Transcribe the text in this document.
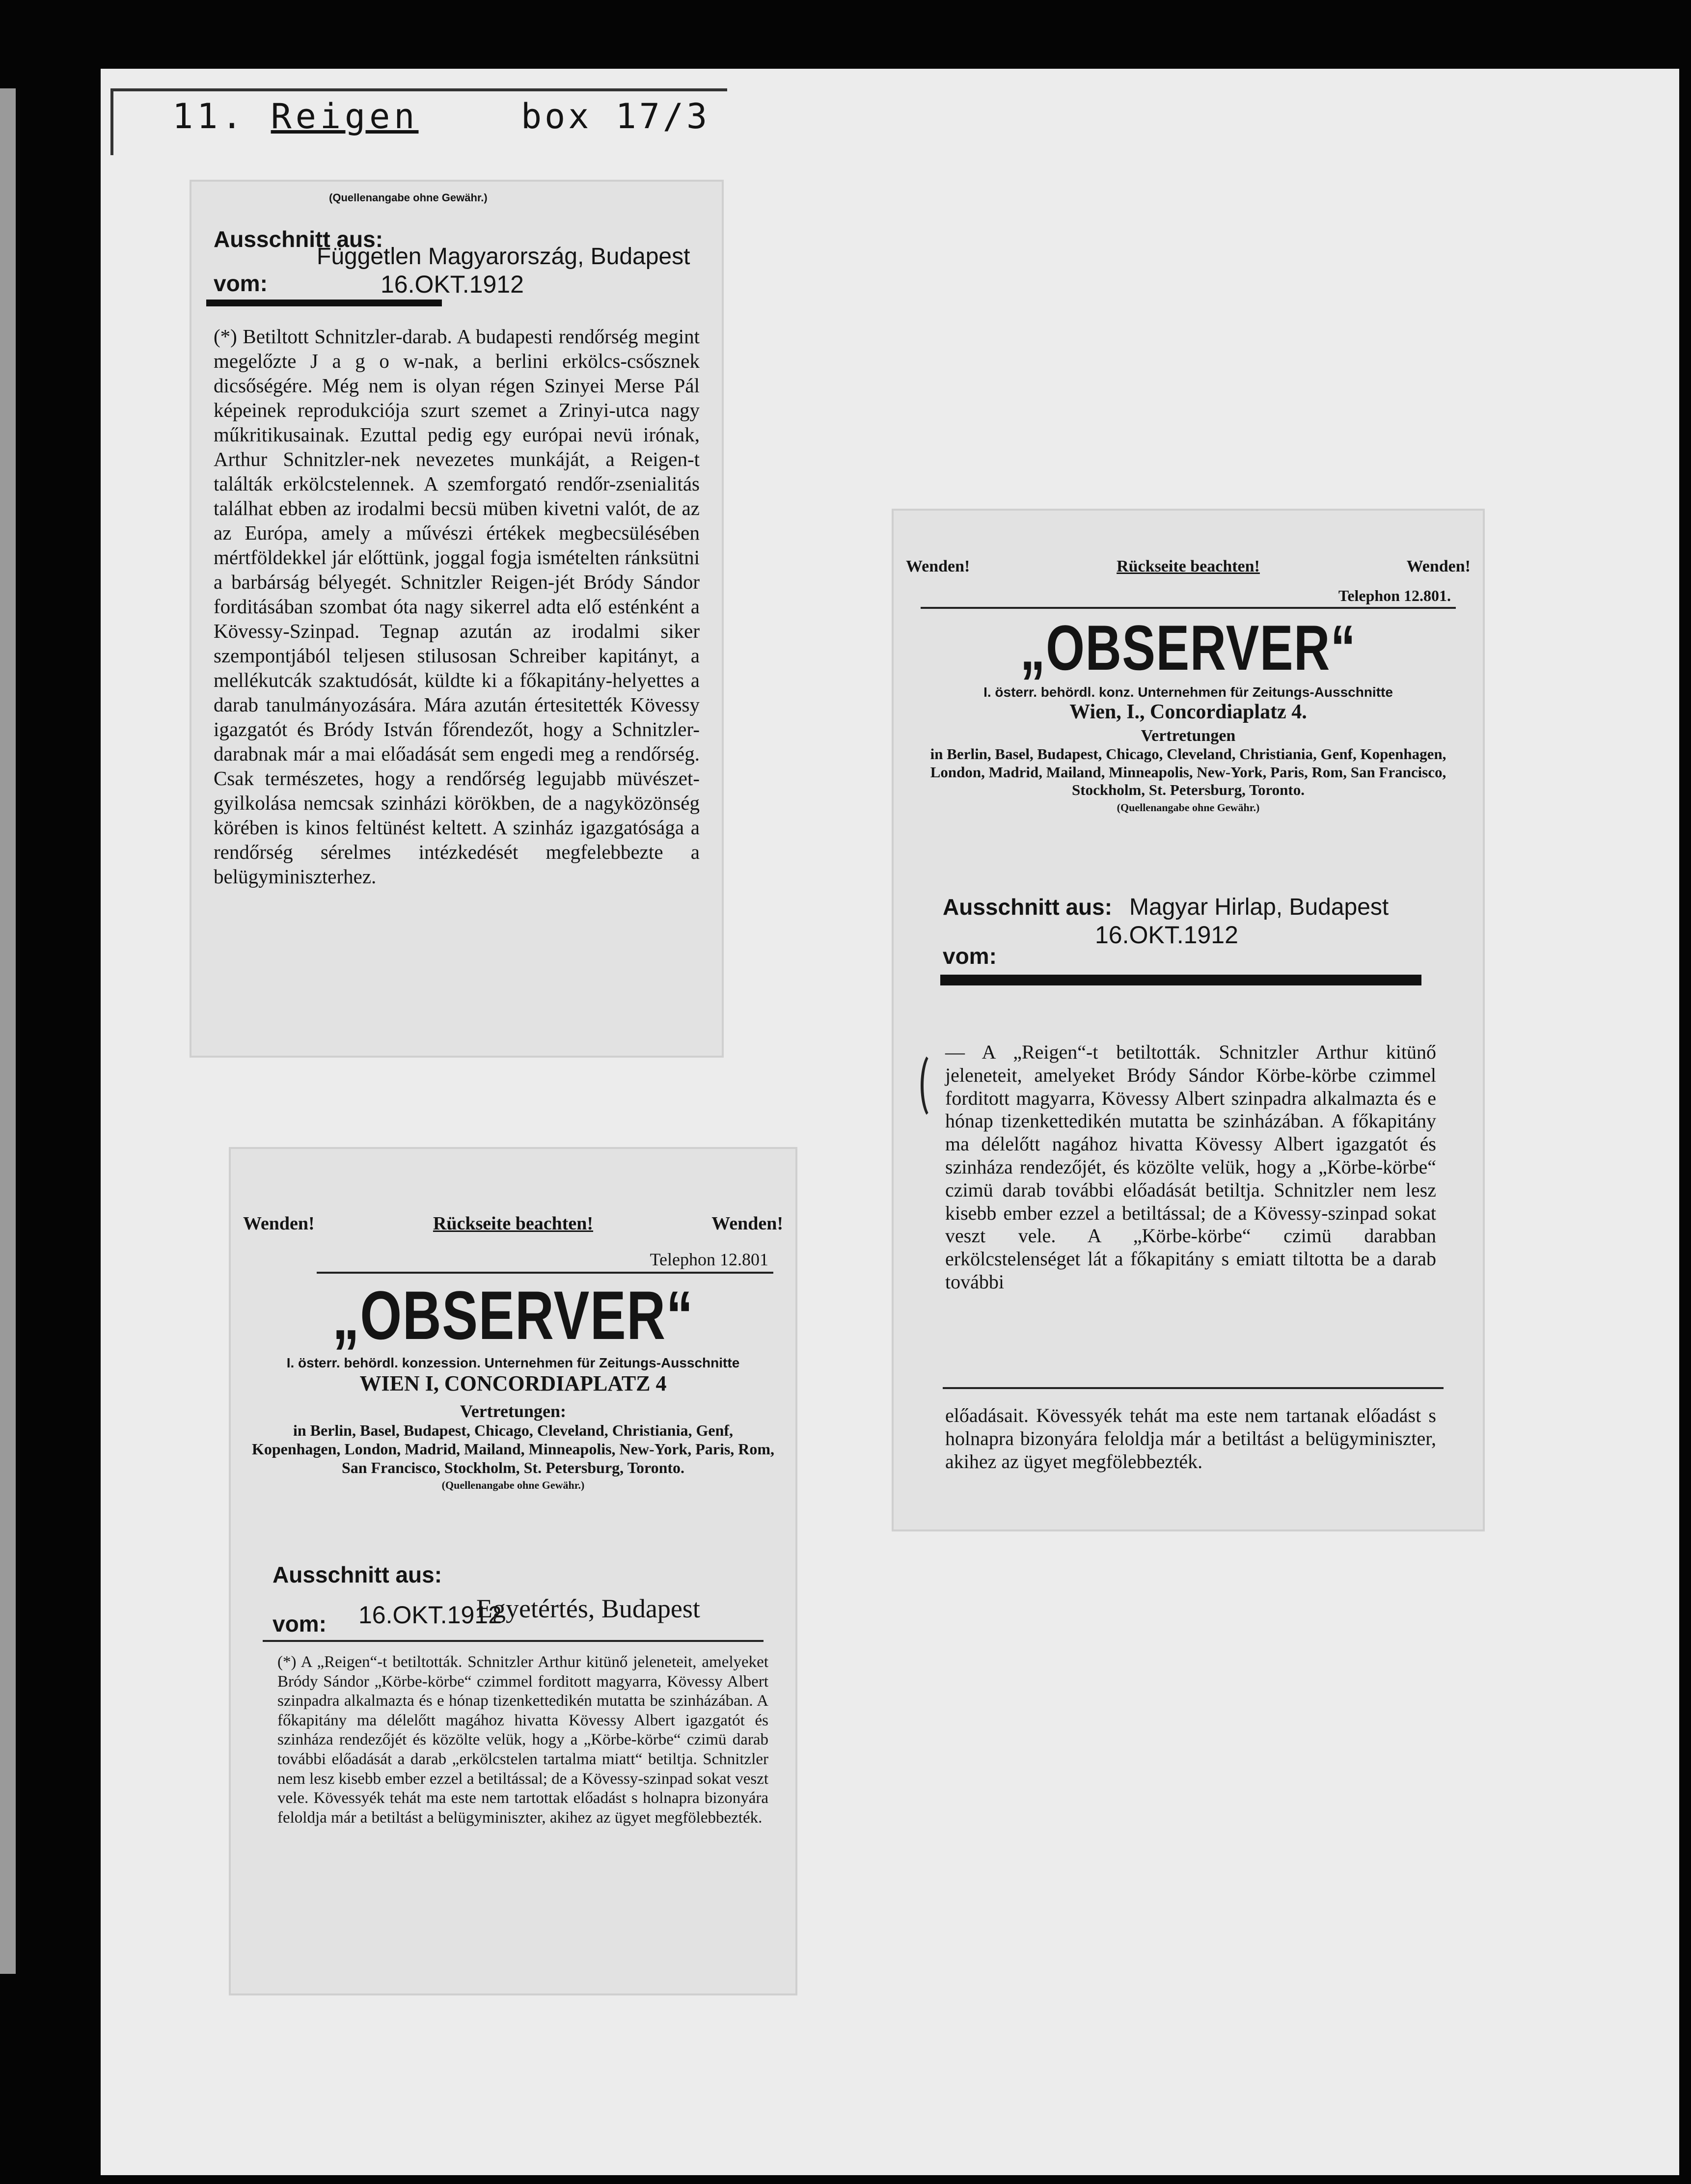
11. Reigen	box 17/3
(Quellenangabe ohne Gewähr.)
Ausschnitt aus:
Független Magyarország, Budapest
vom:	16.OKT.1912

(*) Betiltott Schnitzler-darab. A budapesti rendőrség megint megelőzte J a g o w-nak, a berlini erkölcs-csősznek dicsőségére. Még nem is olyan régen Szinyei Merse Pál képeinek reprodukciója szurt szemet a Zrinyi-utca nagy műkritikusainak. Ezuttal pedig egy európai nevü irónak, Arthur Schnitzler-nek nevezetes munkáját, a Reigen-t találták erkölcstelennek. A szemforgató rendőr-zsenialitás találhat ebben az irodalmi becsü müben kivetni valót, de az az Európa, amely a művészi értékek megbecsülésében mértföldekkel jár előttünk, joggal fogja ismételten ránksütni a barbárság bélyegét. Schnitzler Reigen-jét Bródy Sándor forditásában szombat óta nagy sikerrel adta elő esténként a Kövessy-Szinpad. Tegnap azután az irodalmi siker szempontjából teljesen stilusosan Schreiber kapitányt, a mellékutcák szaktudósát, küldte ki a főkapitány-helyettes a darab tanulmányozására. Mára azután értesitették Kövessy igazgatót és Bródy István főrendezőt, hogy a Schnitzler-darabnak már a mai előadását sem engedi meg a rendőrség. Csak természetes, hogy a rendőrség legujabb müvészet-gyilkolása nemcsak szinházi körökben, de a nagyközönség körében is kinos feltünést keltett. A szinház igazgatósága a rendőrség sérelmes intézkedését megfelebbezte a belügyminiszterhez.

Wenden!	Rückseite beachten!	Wenden!
Telephon 12.801.
„OBSERVER“
I. österr. behördl. konz. Unternehmen für Zeitungs-Ausschnitte
Wien, I., Concordiaplatz 4.
Vertretungen
in Berlin, Basel, Budapest, Chicago, Cleveland, Christiania, Genf, Kopenhagen, London, Madrid, Mailand, Minneapolis, New-York, Paris, Rom, San Francisco, Stockholm, St. Petersburg, Toronto.
(Quellenangabe ohne Gewähr.)
Ausschnitt aus: Magyar Hirlap, Budapest
16.OKT.1912
vom:

— A „Reigen“-t betiltották. Schnitzler Arthur kitünő jeleneteit, amelyeket Bródy Sándor Körbe-körbe czimmel forditott magyarra, Kövessy Albert szinpadra alkalmazta és e hónap tizenkettedikén mutatta be szinházában. A főkapitány ma délelőtt nagához hivatta Kövessy Albert igazgatót és szinháza rendezőjét, és közölte velük, hogy a „Körbe-körbe“ czimü darab további előadását betiltja. Schnitzler nem lesz kisebb ember ezzel a betiltással; de a Kövessy-szinpad sokat veszt vele. A „Körbe-körbe“ czimü darabban erkölcstelenséget lát a főkapitány s emiatt tiltotta be a darab további

előadásait. Kövessyék tehát ma este nem tartanak előadást s holnapra bizonyára feloldja már a betiltást a belügyminiszter, akihez az ügyet megfölebbezték.

Wenden!	Rückseite beachten!	Wenden!
Telephon 12.801
„OBSERVER“
I. österr. behördl. konzession. Unternehmen für Zeitungs-Ausschnitte
WIEN I, CONCORDIAPLATZ 4
Vertretungen:
in Berlin, Basel, Budapest, Chicago, Cleveland, Christiania, Genf, Kopenhagen, London, Madrid, Mailand, Minneapolis, New-York, Paris, Rom, San Francisco, Stockholm, St. Petersburg, Toronto.
(Quellenangabe ohne Gewähr.)
Ausschnitt aus:
vom: 16.OKT.1912
Egyetértés, Budapest

(*) A „Reigen“-t betiltották. Schnitzler Arthur kitünő jeleneteit, amelyeket Bródy Sándor „Körbe-körbe“ czimmel forditott magyarra, Kövessy Albert szinpadra alkalmazta és e hónap tizenkettedikén mutatta be szinházában. A főkapitány ma délelőtt magához hivatta Kövessy Albert igazgatót és szinháza rendezőjét és közölte velük, hogy a „Körbe-körbe“ czimü darab további előadását a darab „erkölcstelen tartalma miatt“ betiltja. Schnitzler nem lesz kisebb ember ezzel a betiltással; de a Kövessy-szinpad sokat veszt vele. Kövessyék tehát ma este nem tartottak előadást s holnapra bizonyára feloldja már a betiltást a belügyminiszter, akihez az ügyet megfölebbezték.
